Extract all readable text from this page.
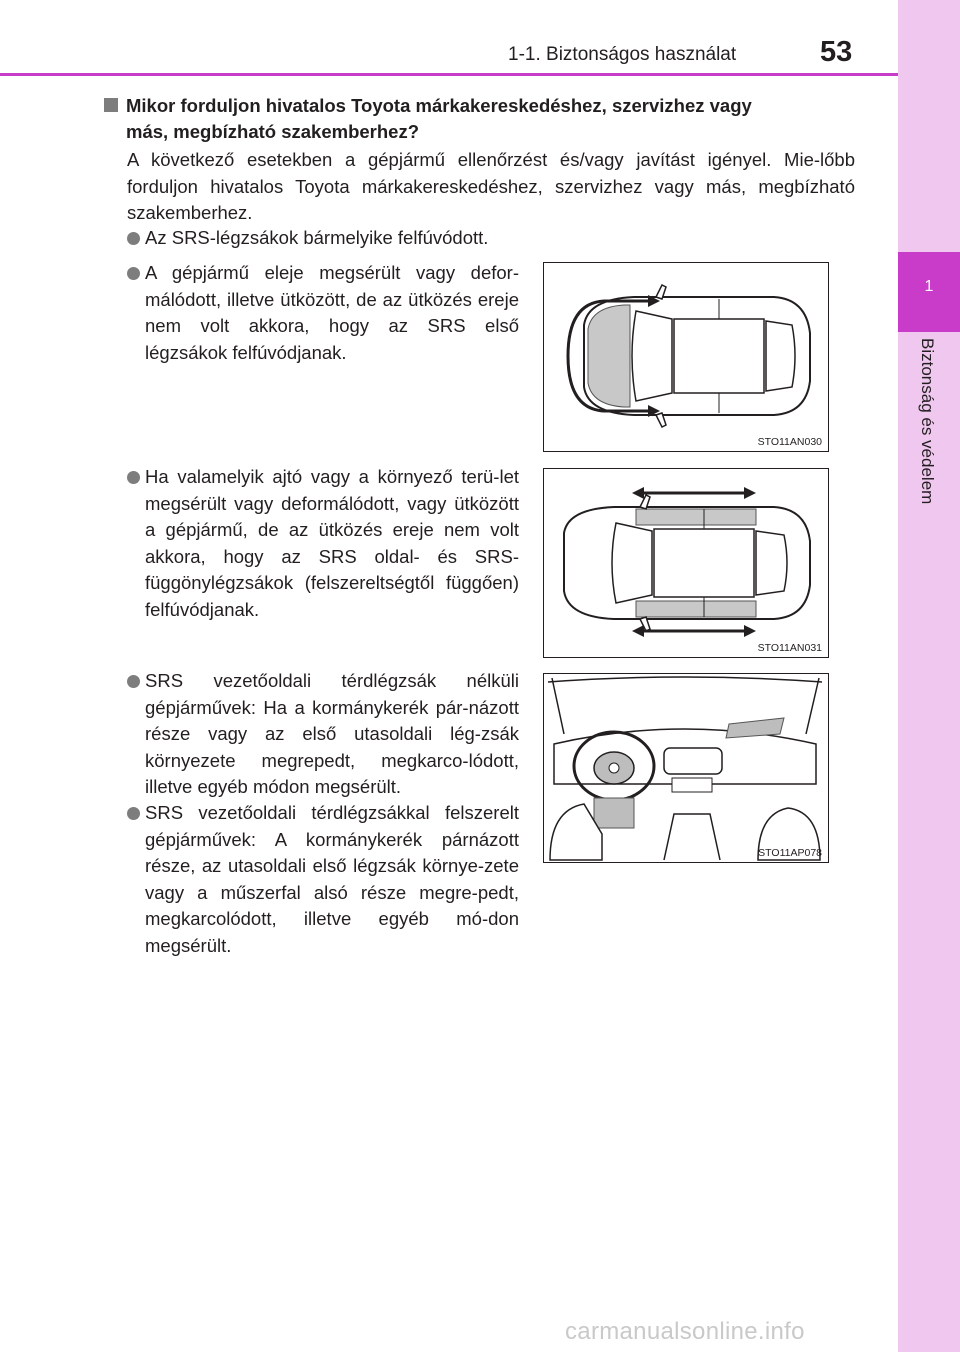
1
Biztonság és védelem
1-1. Biztonságos használat	53
Mikor forduljon hivatalos Toyota márkakereskedéshez, szervizhez vagy
más, megbízható szakemberhez?
A következő esetekben a gépjármű ellenőrzést és/vagy javítást igényel. Mie-lőbb forduljon hivatalos Toyota márkakereskedéshez, szervizhez vagy más, megbízható szakemberhez.
Az SRS-légzsákok bármelyike felfúvódott.
A gépjármű eleje megsérült vagy defor-málódott, illetve ütközött, de az ütközés ereje nem volt akkora, hogy az SRS első légzsákok felfúvódjanak.
Ha valamelyik ajtó vagy a környező terü-let megsérült vagy deformálódott, vagy ütközött a gépjármű, de az ütközés ereje nem volt akkora, hogy az SRS oldal- és SRS-függönylégzsákok (felszereltségtől függően) felfúvódjanak.
SRS vezetőoldali térdlégzsák nélküli gépjárművek: Ha a kormánykerék pár-názott része vagy az első utasoldali lég-zsák környezete megrepedt, megkarco-lódott, illetve egyéb módon megsérült.
SRS vezetőoldali térdlégzsákkal felszerelt gépjárművek: A kormánykerék párnázott része, az utasoldali első légzsák környe-zete vagy a műszerfal alsó része megre-pedt, megkarcolódott, illetve egyéb mó-don megsérült.
STO11AN030
STO11AN031
STO11AP078
carmanualsonline.info
